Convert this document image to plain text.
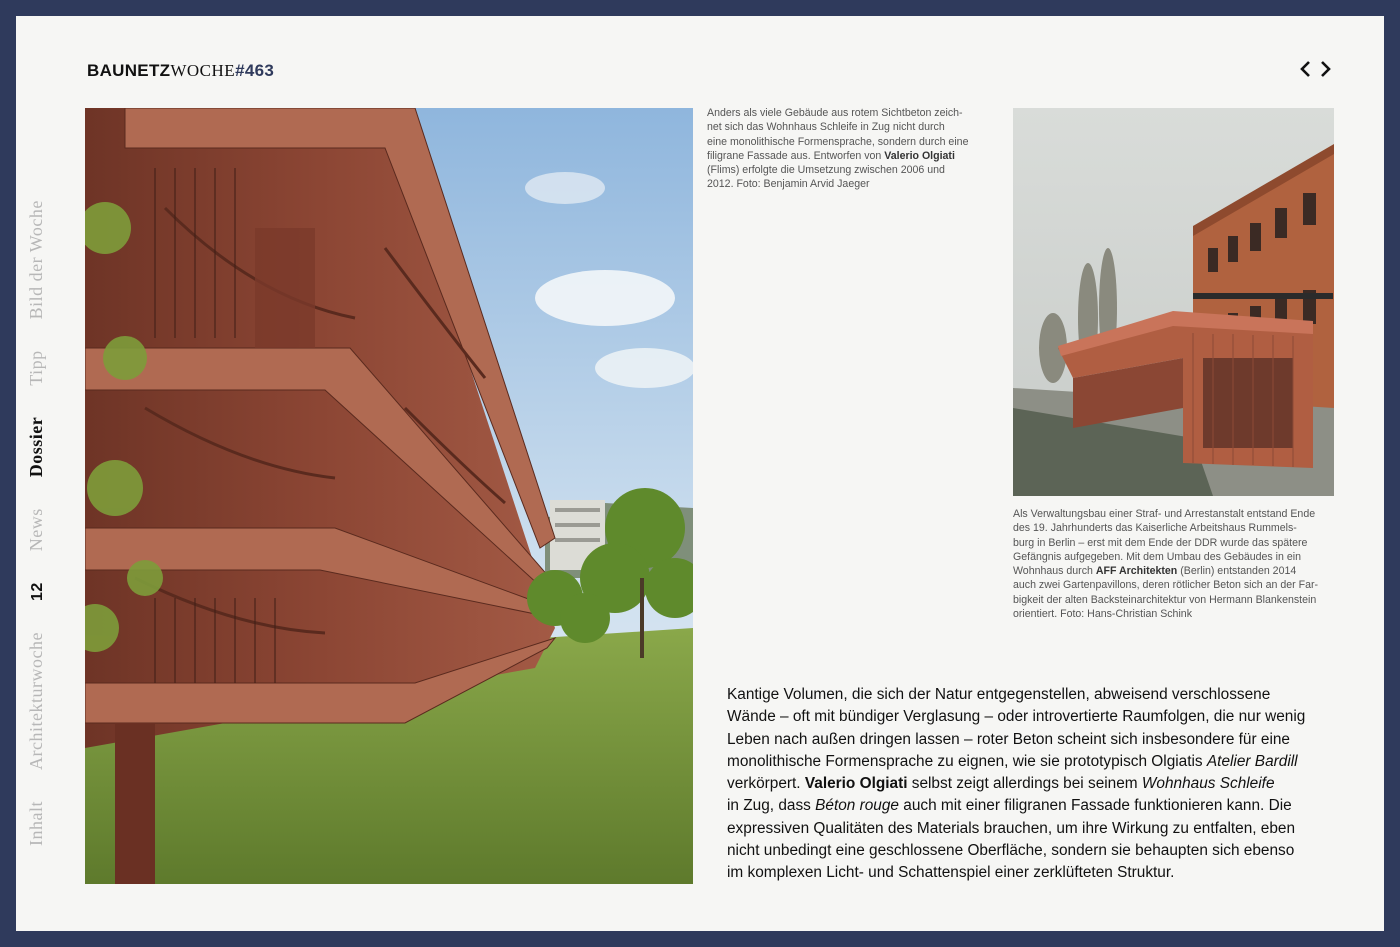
BAUNETZWOCHE#463
Inhalt Architekturwoche 12 News Dossier Tipp Bild der Woche
Anders als viele Gebäude aus rotem Sichtbeton zeich-
net sich das Wohnhaus Schleife in Zug nicht durch
eine monolithische Formensprache, sondern durch eine
filigrane Fassade aus. Entworfen von Valerio Olgiati
(Flims) erfolgte die Umsetzung zwischen 2006 und
2012. Foto: Benjamin Arvid Jaeger
Als Verwaltungsbau einer Straf- und Arrestanstalt entstand Ende
des 19. Jahrhunderts das Kaiserliche Arbeitshaus Rummels-
burg in Berlin – erst mit dem Ende der DDR wurde das spätere
Gefängnis aufgegeben. Mit dem Umbau des Gebäudes in ein
Wohnhaus durch AFF Architekten (Berlin) entstanden 2014
auch zwei Gartenpavillons, deren rötlicher Beton sich an der Far-
bigkeit der alten Backsteinarchitektur von Hermann Blankenstein
orientiert. Foto: Hans-Christian Schink
Kantige Volumen, die sich der Natur entgegenstellen, abweisend verschlossene
Wände – oft mit bündiger Verglasung – oder introvertierte Raumfolgen, die nur wenig
Leben nach außen dringen lassen – roter Beton scheint sich insbesondere für eine
monolithische Formensprache zu eignen, wie sie prototypisch Olgiatis Atelier Bardill
verkörpert. Valerio Olgiati selbst zeigt allerdings bei seinem Wohnhaus Schleife
in Zug, dass Béton rouge auch mit einer filigranen Fassade funktionieren kann. Die
expressiven Qualitäten des Materials brauchen, um ihre Wirkung zu entfalten, eben
nicht unbedingt eine geschlossene Oberfläche, sondern sie behaupten sich ebenso
im komplexen Licht- und Schattenspiel einer zerklüfteten Struktur.
